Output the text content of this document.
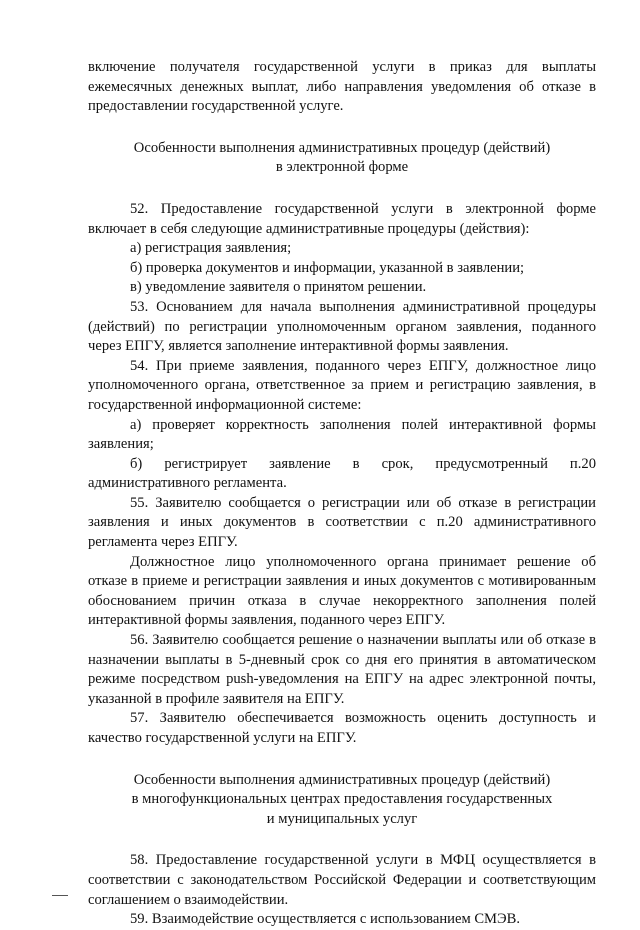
включение получателя государственной услуги в приказ для выплаты ежемесячных денежных выплат, либо направления уведомления об отказе в предоставлении государственной услуге.

Особенности выполнения административных процедур (действий)
в электронной форме

52. Предоставление государственной услуги в электронной форме включает в себя следующие административные процедуры (действия):

а) регистрация заявления;

б) проверка документов и информации, указанной в заявлении;

в) уведомление заявителя о принятом решении.

53. Основанием для начала выполнения административной процедуры (действий) по регистрации уполномоченным органом заявления, поданного через ЕПГУ, является заполнение интерактивной формы заявления.

54. При приеме заявления, поданного через ЕПГУ, должностное лицо уполномоченного органа, ответственное за прием и регистрацию заявления, в государственной информационной системе:

а) проверяет корректность заполнения полей интерактивной формы заявления;

б) регистрирует заявление в срок, предусмотренный п.20

административного регламента.

55. Заявителю сообщается о регистрации или об отказе в регистрации заявления и иных документов в соответствии с п.20 административного регламента через ЕПГУ.

Должностное лицо уполномоченного органа принимает решение об отказе в приеме и регистрации заявления и иных документов с мотивированным обоснованием причин отказа в случае некорректного заполнения полей интерактивной формы заявления, поданного через ЕПГУ.

56. Заявителю сообщается решение о назначении выплаты или об отказе в назначении выплаты в 5-дневный срок со дня его принятия в автоматическом режиме посредством push-уведомления на ЕПГУ на адрес электронной почты, указанной в профиле заявителя на ЕПГУ.

57. Заявителю обеспечивается возможность оценить доступность и качество государственной услуги на ЕПГУ.

Особенности выполнения административных процедур (действий)
в многофункциональных центрах предоставления государственных
и муниципальных услуг

58. Предоставление государственной услуги в МФЦ осуществляется в соответствии с законодательством Российской Федерации и соответствующим соглашением о взаимодействии.

59. Взаимодействие осуществляется с использованием СМЭВ.
